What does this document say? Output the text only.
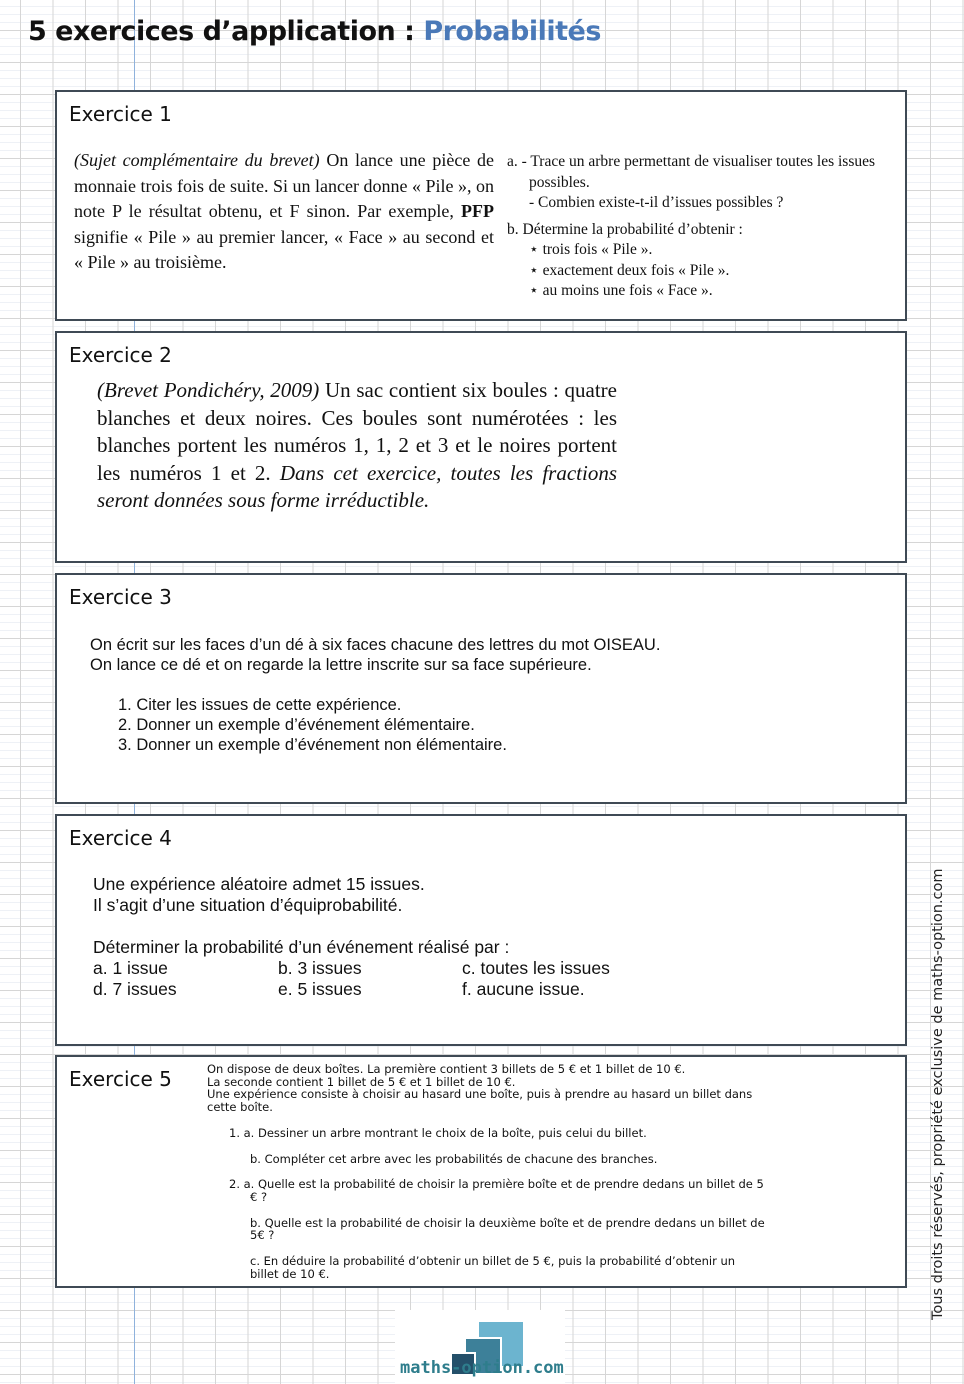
5 exercices d’application : Probabilités
Exercice 1
(Sujet complémentaire du brevet) On lance une pièce de monnaie trois fois de suite. Si un lancer donne « Pile », on note P le résultat obtenu, et F sinon. Par exemple, PFP signifie « Pile » au premier lancer, « Face » au second et « Pile » au troisième.
a. - Trace un arbre permettant de visualiser toutes les issues possibles.
- Combien existe-t-il d’issues possibles ?
b. Détermine la probabilité d’obtenir :
⋆ trois fois « Pile ».
⋆ exactement deux fois « Pile ».
⋆ au moins une fois « Face ».
Exercice 2
(Brevet Pondichéry, 2009) Un sac contient six boules : quatre blanches et deux noires. Ces boules sont numérotées : les blanches portent les numéros 1, 1, 2 et 3 et le noires portent les numéros 1 et 2. Dans cet exercice, toutes les fractions seront données sous forme irréductible.
Exercice 3
On écrit sur les faces d’un dé à six faces chacune des lettres du mot OISEAU.
On lance ce dé et on regarde la lettre inscrite sur sa face supérieure.
1. Citer les issues de cette expérience.
2. Donner un exemple d’événement élémentaire.
3. Donner un exemple d’événement non élémentaire.
Exercice 4
Une expérience aléatoire admet 15 issues.
Il s’agit d’une situation d’équiprobabilité.
Déterminer la probabilité d’un événement réalisé par :
a. 1 issue	b. 3 issues	c. toutes les issues
d. 7 issues	e. 5 issues	f. aucune issue.
Exercice 5	On dispose de deux boîtes. La première contient 3 billets de 5 € et 1 billet de 10 €.
La seconde contient 1 billet de 5 € et 1 billet de 10 €.
Une expérience consiste à choisir au hasard une boîte, puis à prendre au hasard un billet dans cette boîte.
1. a. Dessiner un arbre montrant le choix de la boîte, puis celui du billet.
b. Compléter cet arbre avec les probabilités de chacune des branches.
2. a. Quelle est la probabilité de choisir la première boîte et de prendre dedans un billet de 5 € ?
b. Quelle est la probabilité de choisir la deuxième boîte et de prendre dedans un billet de 5€ ?
c. En déduire la probabilité d’obtenir un billet de 5 €, puis la probabilité d’obtenir un billet de 10 €.	Tous droits réservés, propriété exclusive de maths-option.com
maths-option.com
